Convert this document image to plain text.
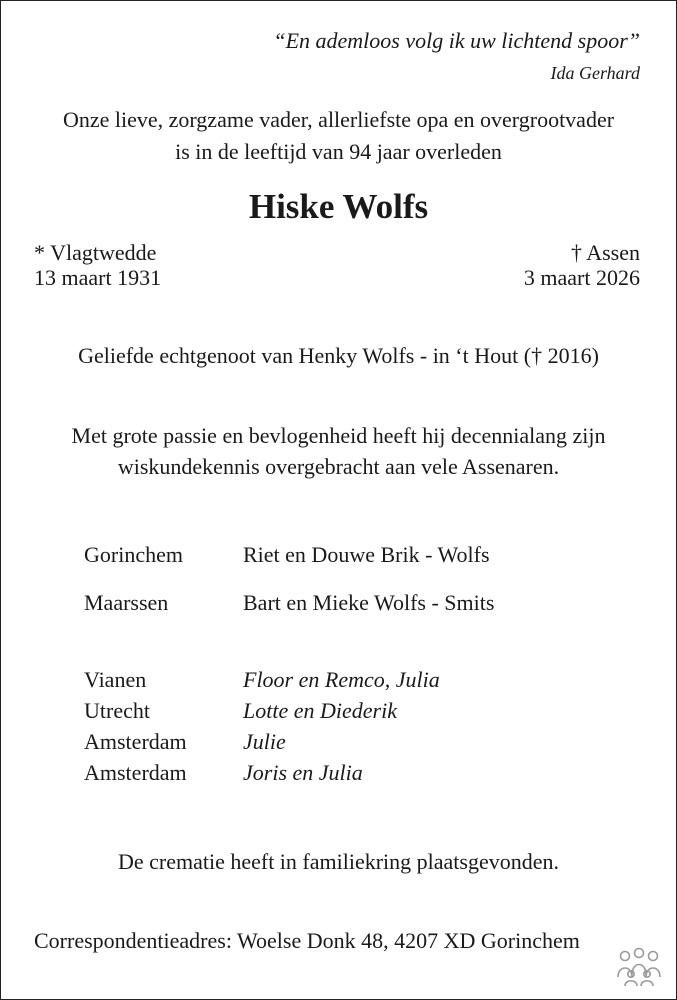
“En ademloos volg ik uw lichtend spoor”
Ida Gerhard
Onze lieve, zorgzame vader, allerliefste opa en overgrootvader
is in de leeftijd van 94 jaar overleden
Hiske Wolfs
* Vlagtwedde
13 maart 1931
† Assen
3 maart 2026
Geliefde echtgenoot van Henky Wolfs - in ‘t Hout († 2016)
Met grote passie en bevlogenheid heeft hij decennialang zijn
wiskundekennis overgebracht aan vele Assenaren.
Gorinchem	Riet en Douwe Brik - Wolfs
Maarssen	Bart en Mieke Wolfs - Smits
Vianen	Floor en Remco, Julia
Utrecht	Lotte en Diederik
Amsterdam	Julie
Amsterdam	Joris en Julia
De crematie heeft in familiekring plaatsgevonden.
Correspondentieadres: Woelse Donk 48, 4207 XD Gorinchem
